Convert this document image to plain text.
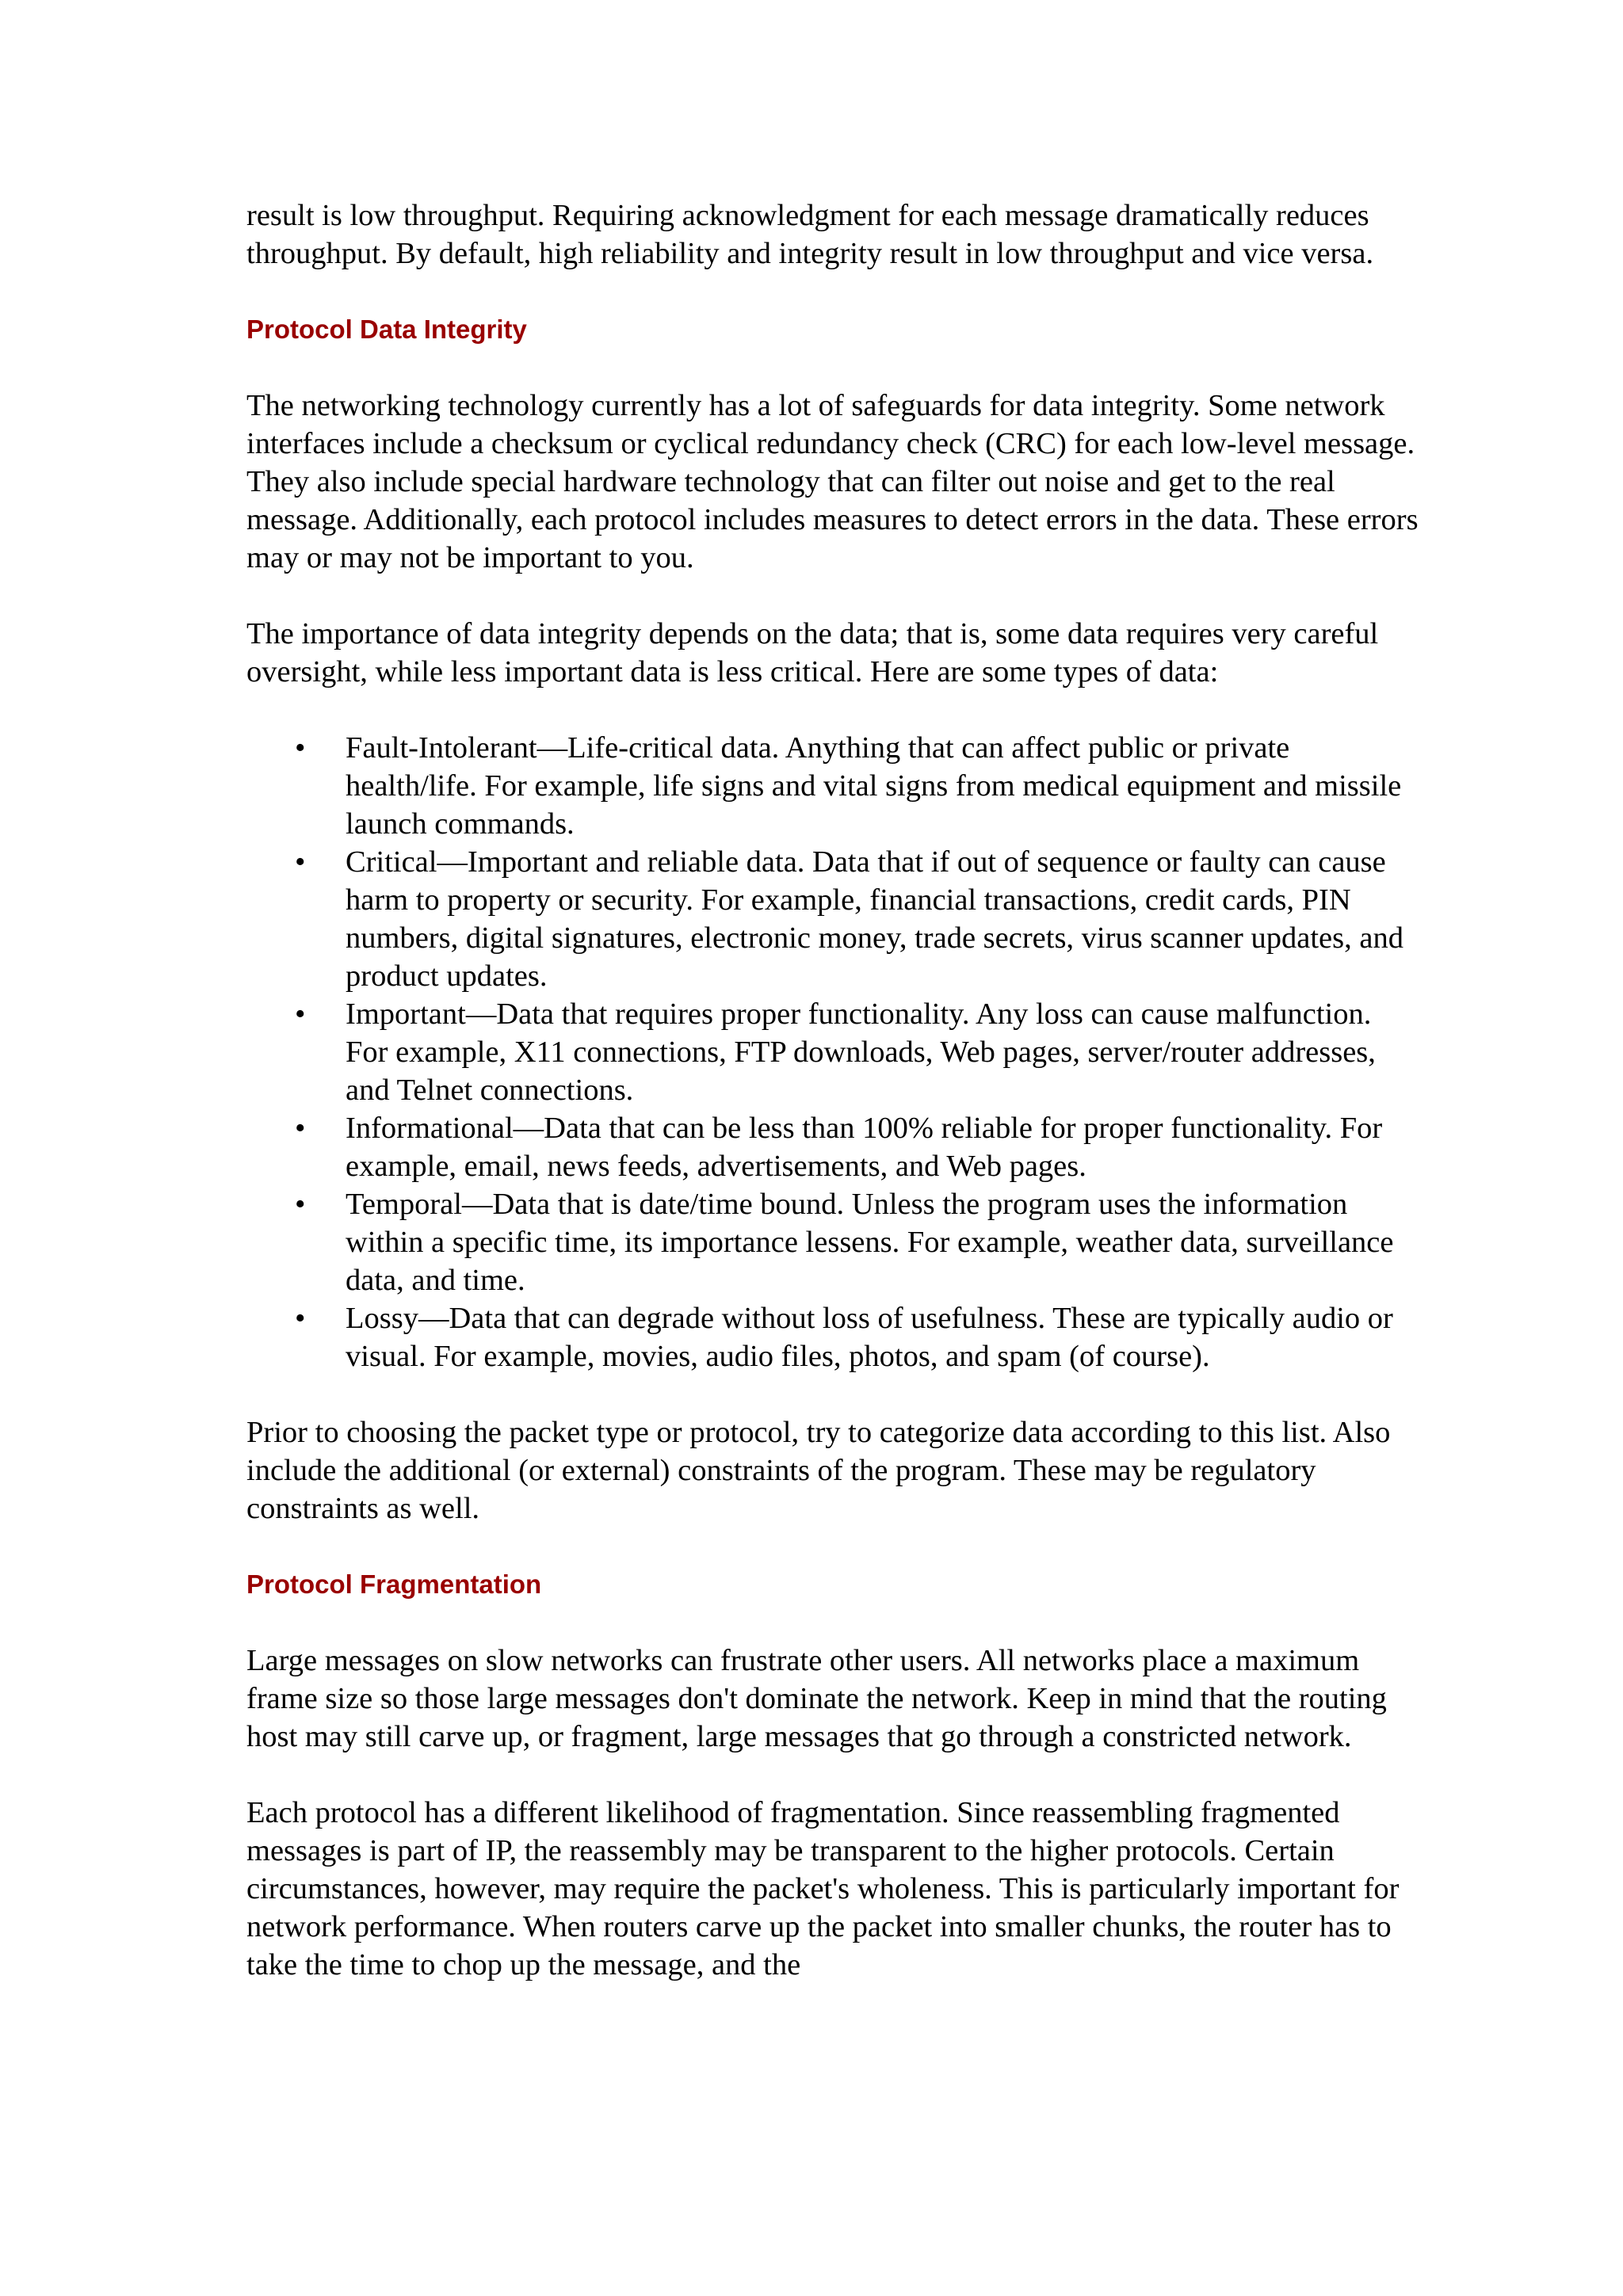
result is low throughput. Requiring acknowledgment for each message dramatically reduces throughput. By default, high reliability and integrity result in low throughput and vice versa.

Protocol Data Integrity

The networking technology currently has a lot of safeguards for data integrity. Some network interfaces include a checksum or cyclical redundancy check (CRC) for each low-level message. They also include special hardware technology that can filter out noise and get to the real message. Additionally, each protocol includes measures to detect errors in the data. These errors may or may not be important to you.

The importance of data integrity depends on the data; that is, some data requires very careful oversight, while less important data is less critical. Here are some types of data:

• Fault-Intolerant—Life-critical data. Anything that can affect public or private health/life. For example, life signs and vital signs from medical equipment and missile launch commands.
• Critical—Important and reliable data. Data that if out of sequence or faulty can cause harm to property or security. For example, financial transactions, credit cards, PIN numbers, digital signatures, electronic money, trade secrets, virus scanner updates, and product updates.
• Important—Data that requires proper functionality. Any loss can cause malfunction. For example, X11 connections, FTP downloads, Web pages, server/router addresses, and Telnet connections.
• Informational—Data that can be less than 100% reliable for proper functionality. For example, email, news feeds, advertisements, and Web pages.
• Temporal—Data that is date/time bound. Unless the program uses the information within a specific time, its importance lessens. For example, weather data, surveillance data, and time.
• Lossy—Data that can degrade without loss of usefulness. These are typically audio or visual. For example, movies, audio files, photos, and spam (of course).

Prior to choosing the packet type or protocol, try to categorize data according to this list. Also include the additional (or external) constraints of the program. These may be regulatory constraints as well.

Protocol Fragmentation

Large messages on slow networks can frustrate other users. All networks place a maximum frame size so those large messages don't dominate the network. Keep in mind that the routing host may still carve up, or fragment, large messages that go through a constricted network.

Each protocol has a different likelihood of fragmentation. Since reassembling fragmented messages is part of IP, the reassembly may be transparent to the higher protocols. Certain circumstances, however, may require the packet's wholeness. This is particularly important for network performance. When routers carve up the packet into smaller chunks, the router has to take the time to chop up the message, and the
